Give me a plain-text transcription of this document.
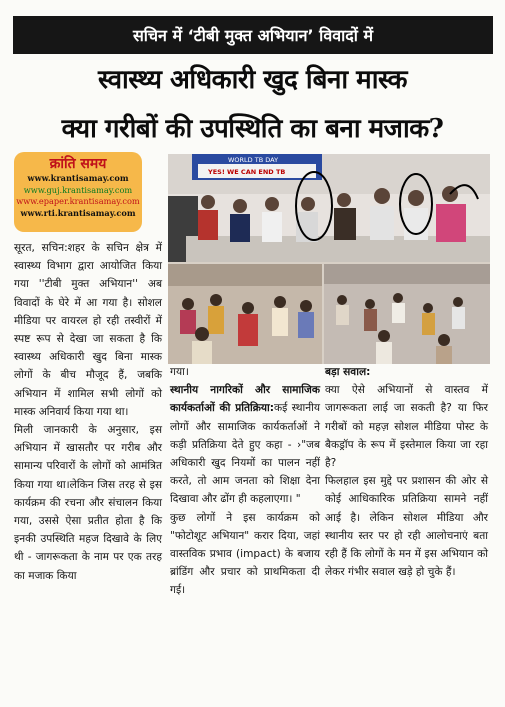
सचिन में ‘टीबी मुक्त अभियान’ विवादों में
स्वास्थ्य अधिकारी खुद बिना मास्क
क्या गरीबों की उपस्थिति का बना मजाक?
क्रांति समय
www.krantisamay.com
www.guj.krantisamay.com
www.epaper.krantisamay.com
www.rti.krantisamay.com
WORLD TB DAY
YES! WE CAN END TB

सूरत, सचिन:शहर के सचिन क्षेत्र में स्वास्थ्य विभाग द्वारा आयोजित किया गया ''टीबी मुक्त अभियान'' अब विवादों के घेरे में आ गया है। सोशल मीडिया पर वायरल हो रही तस्वीरों में स्पष्ट रूप से देखा जा सकता है कि स्वास्थ्य अधिकारी खुद बिना मास्क लोगों के बीच मौजूद हैं, जबकि अभियान में शामिल सभी लोगों को मास्क अनिवार्य किया गया था।

मिली जानकारी के अनुसार, इस अभियान में खासतौर पर गरीब और सामान्य परिवारों के लोगों को आमंत्रित किया गया था।लेकिन जिस तरह से इस कार्यक्रम की रचना और संचालन किया गया, उससे ऐसा प्रतीत होता है कि इनकी उपस्थिति महज दिखावे के लिए थी - जागरूकता के नाम पर एक तरह का मजाक किया

गया।

स्थानीय नागरिकों और सामाजिक कार्यकर्ताओं की प्रतिक्रिया:कई स्थानीय लोगों और सामाजिक कार्यकर्ताओं ने कड़ी प्रतिक्रिया देते हुए कहा - ›"जब अधिकारी खुद नियमों का पालन नहीं करते, तो आम जनता को शिक्षा देना दिखावा और ढोंग ही कहलाएगा। "

कुछ लोगों ने इस कार्यक्रम को "फोटोशूट अभियान" करार दिया, जहां वास्तविक प्रभाव (impact) के बजाय ब्रांडिंग और प्रचार को प्राथमिकता दी गई।

बड़ा सवाल:

क्या ऐसे अभियानों से वास्तव में जागरूकता लाई जा सकती है? या फिर गरीबों को महज़ सोशल मीडिया पोस्ट के बैकड्रॉप के रूप में इस्तेमाल किया जा रहा है?

फिलहाल इस मुद्दे पर प्रशासन की ओर से कोई आधिकारिक प्रतिक्रिया सामने नहीं आई है। लेकिन सोशल मीडिया और स्थानीय स्तर पर हो रही आलोचनाएं बता रही हैं कि लोगों के मन में इस अभियान को लेकर गंभीर सवाल खड़े हो चुके हैं।
